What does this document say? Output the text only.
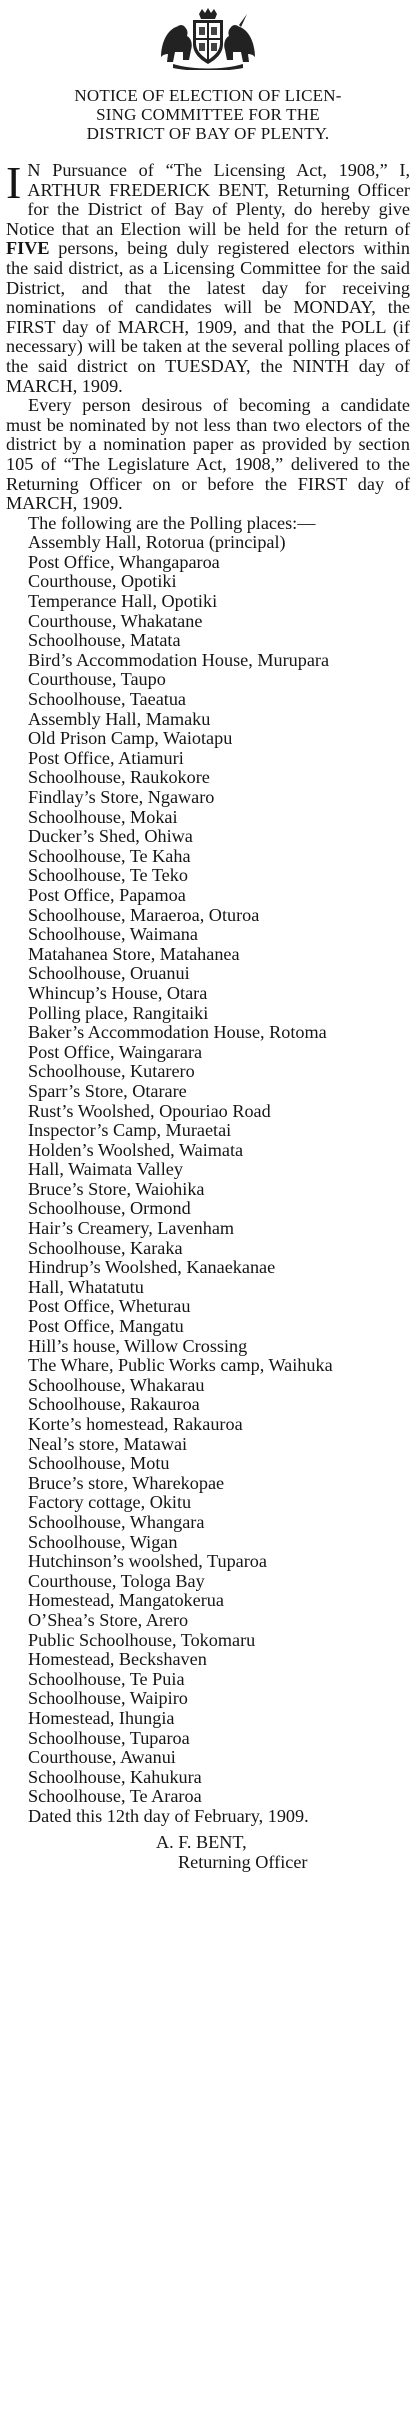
NOTICE OF ELECTION OF LICEN-
SING COMMITTEE FOR THE
DISTRICT OF BAY OF PLENTY.

I N Pursuance of “The Licensing Act, 1908,” I, ARTHUR FREDERICK BENT, Returning Officer for the District of Bay of Plenty, do hereby give Notice that an Election will be held for the return of FIVE persons, being duly registered electors within the said district, as a Licensing Committee for the said District, and that the latest day for receiving nominations of candidates will be MONDAY, the FIRST day of MARCH, 1909, and that the POLL (if necessary) will be taken at the several polling places of the said district on TUESDAY, the NINTH day of MARCH, 1909.

Every person desirous of becoming a candidate must be nominated by not less than two electors of the district by a nomination paper as provided by section 105 of “The Legislature Act, 1908,” delivered to the Returning Officer on or before the FIRST day of MARCH, 1909.

The following are the Polling places:—

Assembly Hall, Rotorua (principal)
Post Office, Whangaparoa
Courthouse, Opotiki
Temperance Hall, Opotiki
Courthouse, Whakatane
Schoolhouse, Matata
Bird’s Accommodation House, Murupara
Courthouse, Taupo
Schoolhouse, Taeatua
Assembly Hall, Mamaku
Old Prison Camp, Waiotapu
Post Office, Atiamuri
Schoolhouse, Raukokore
Findlay’s Store, Ngawaro
Schoolhouse, Mokai
Ducker’s Shed, Ohiwa
Schoolhouse, Te Kaha
Schoolhouse, Te Teko
Post Office, Papamoa
Schoolhouse, Maraeroa, Oturoa
Schoolhouse, Waimana
Matahanea Store, Matahanea
Schoolhouse, Oruanui
Whincup’s House, Otara
Polling place, Rangitaiki
Baker’s Accommodation House, Rotoma
Post Office, Waingarara
Schoolhouse, Kutarero
Sparr’s Store, Otarare
Rust’s Woolshed, Opouriao Road
Inspector’s Camp, Muraetai
Holden’s Woolshed, Waimata
Hall, Waimata Valley
Bruce’s Store, Waiohika
Schoolhouse, Ormond
Hair’s Creamery, Lavenham
Schoolhouse, Karaka
Hindrup’s Woolshed, Kanaekanae
Hall, Whatatutu
Post Office, Wheturau
Post Office, Mangatu
Hill’s house, Willow Crossing
The Whare, Public Works camp, Waihuka
Schoolhouse, Whakarau
Schoolhouse, Rakauroa
Korte’s homestead, Rakauroa
Neal’s store, Matawai
Schoolhouse, Motu
Bruce’s store, Wharekopae
Factory cottage, Okitu
Schoolhouse, Whangara
Schoolhouse, Wigan
Hutchinson’s woolshed, Tuparoa
Courthouse, Tologa Bay
Homestead, Mangatokerua
O’Shea’s Store, Arero
Public Schoolhouse, Tokomaru
Homestead, Beckshaven
Schoolhouse, Te Puia
Schoolhouse, Waipiro
Homestead, Ihungia
Schoolhouse, Tuparoa
Courthouse, Awanui
Schoolhouse, Kahukura
Schoolhouse, Te Araroa

Dated this 12th day of February, 1909.

A. F. BENT,
Returning Officer
